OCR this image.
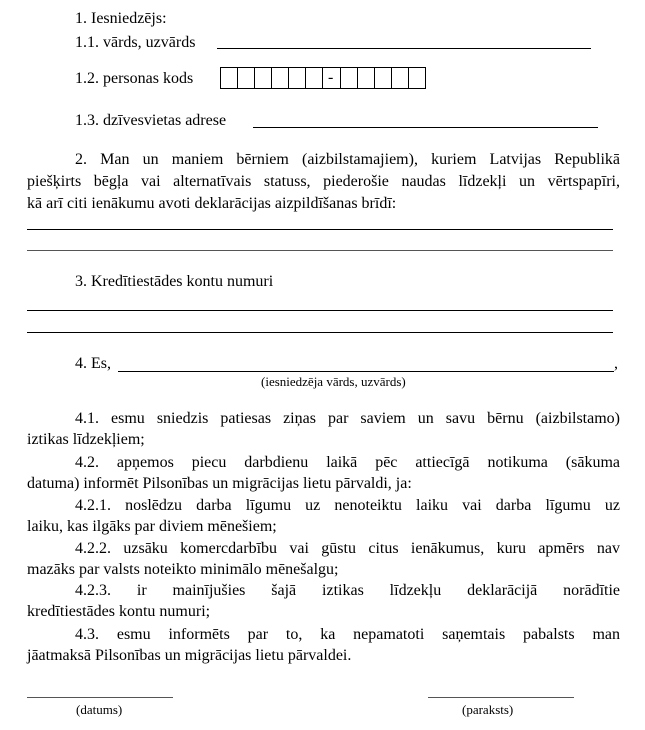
1. Iesniedzējs:
1.1. vārds, uzvārds
1.2. personas kods	-
1.3. dzīvesvietas adrese
2. Man un maniem bērniem (aizbilstamajiem), kuriem Latvijas Republikā
piešķirts bēgļa vai alternatīvais statuss, piederošie naudas līdzekļi un vērtspapīri,
kā arī citi ienākumu avoti deklarācijas aizpildīšanas brīdī:
3. Kredītiestādes kontu numuri
4. Es,	,
(iesniedzēja vārds, uzvārds)
4.1. esmu sniedzis patiesas ziņas par saviem un savu bērnu (aizbilstamo)
iztikas līdzekļiem;
4.2. apņemos piecu darbdienu laikā pēc attiecīgā notikuma (sākuma
datuma) informēt Pilsonības un migrācijas lietu pārvaldi, ja:
4.2.1. noslēdzu darba līgumu uz nenoteiktu laiku vai darba līgumu uz
laiku, kas ilgāks par diviem mēnešiem;
4.2.2. uzsāku komercdarbību vai gūstu citus ienākumus, kuru apmērs nav
mazāks par valsts noteikto minimālo mēnešalgu;
4.2.3. ir mainījušies šajā iztikas līdzekļu deklarācijā norādītie
kredītiestādes kontu numuri;
4.3. esmu informēts par to, ka nepamatoti saņemtais pabalsts man
jāatmaksā Pilsonības un migrācijas lietu pārvaldei.
(datums)	(paraksts)
